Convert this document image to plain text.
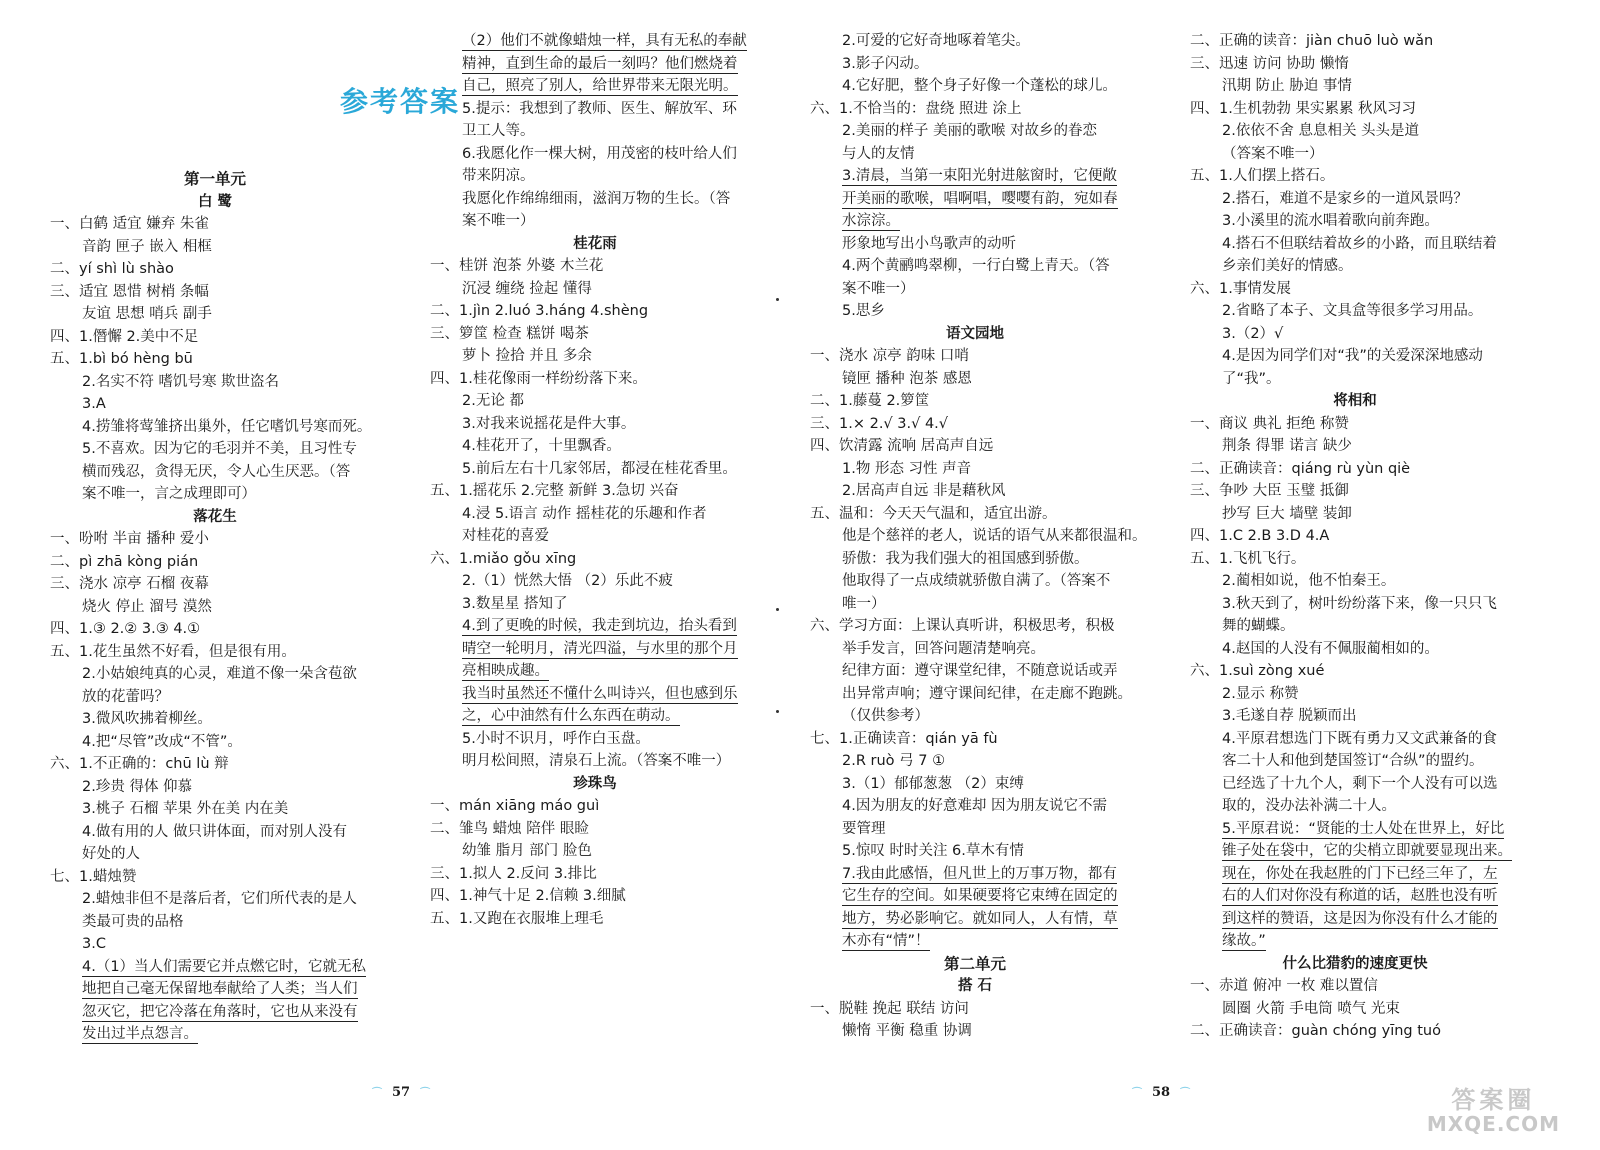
参考答案
第一单元
白 鹭
一、白鹤 适宜 嫌弃 朱雀
音韵 匣子 嵌入 相框
二、yí shì lù shào
三、适宜 恩惜 树梢 条幅
友谊 思想 哨兵 副手
四、1.僭懈 2.美中不足
五、1.bì bó hèng bū
2.名实不符 嗜饥号寒 欺世盗名
3.A
4.捞雏将莺雏挤出巢外，任它嗜饥号寒而死。
5.不喜欢。因为它的毛羽并不美，且习性专
横而残忍，贪得无厌，令人心生厌恶。（答
案不唯一，言之成理即可）
落花生
一、吩咐 半亩 播种 爱小
二、pì zhā kòng pián
三、浇水 凉亭 石榴 夜幕
烧火 停止 溜号 漠然
四、1.③ 2.② 3.③ 4.①
五、1.花生虽然不好看，但是很有用。
2.小姑娘纯真的心灵，难道不像一朵含苞欲
放的花蕾吗？
3.微风吹拂着柳丝。
4.把“尽管”改成“不管”。
六、1.不正确的：chū lù 辩
2.珍贵 得体 仰慕
3.桃子 石榴 苹果 外在美 内在美
4.做有用的人 做只讲体面，而对别人没有
好处的人
七、1.蜡烛赞
2.蜡烛非但不是落后者，它们所代表的是人
类最可贵的品格
3.C
4.（1）当人们需要它并点燃它时，它就无私
地把自己毫无保留地奉献给了人类；当人们
忽灭它，把它冷落在角落时，它也从来没有
发出过半点怨言。
（2）他们不就像蜡烛一样，具有无私的奉献
精神，直到生命的最后一刻吗？他们燃烧着
自己，照亮了别人，给世界带来无限光明。
5.提示：我想到了教师、医生、解放军、环
卫工人等。
6.我愿化作一棵大树，用茂密的枝叶给人们
带来阴凉。
我愿化作绵绵细雨，滋润万物的生长。（答
案不唯一）
桂花雨
一、桂饼 泡茶 外婆 木兰花
沉浸 缠绕 捡起 懂得
二、1.jìn 2.luó 3.háng 4.shèng
三、箩筐 检查 糕饼 喝茶
萝卜 捡拾 并且 多余
四、1.桂花像雨一样纷纷落下来。
2.无论 都
3.对我来说摇花是件大事。
4.桂花开了，十里飘香。
5.前后左右十几家邻居，都浸在桂花香里。
五、1.摇花乐 2.完整 新鲜 3.急切 兴奋
4.浸 5.语言 动作 摇桂花的乐趣和作者
对桂花的喜爱
六、1.miǎo gǒu xīng
2.（1）恍然大悟 （2）乐此不疲
3.数星星 搭知了
4.到了更晚的时候，我走到坑边，抬头看到
晴空一轮明月，清光四溢，与水里的那个月
亮相映成趣。
我当时虽然还不懂什么叫诗兴，但也感到乐
之，心中油然有什么东西在萌动。
5.小时不识月，呼作白玉盘。
明月松间照，清泉石上流。（答案不唯一）
珍珠鸟
一、mán xiāng máo guì
二、雏鸟 蜡烛 陪伴 眼睑
幼雏 脂月 部门 脸色
三、1.拟人 2.反问 3.排比
四、1.神气十足 2.信赖 3.细腻
五、1.又跑在衣服堆上理毛
2.可爱的它好奇地啄着笔尖。
3.影子闪动。
4.它好肥，整个身子好像一个蓬松的球儿。
六、1.不恰当的：盘绕 照进 涂上
2.美丽的样子 美丽的歌喉 对故乡的眷恋
与人的友情
3.清晨，当第一束阳光射进舷窗时，它便敞
开美丽的歌喉，唱啊唱，嘤嘤有韵，宛如春
水淙淙。
形象地写出小鸟歌声的动听
4.两个黄鹂鸣翠柳，一行白鹭上青天。（答
案不唯一）
5.思乡
语文园地
一、浇水 凉亭 韵味 口哨
镜匣 播种 泡茶 感恩
二、1.藤蔓 2.箩筐
三、1.× 2.√ 3.√ 4.√
四、饮清露 流响 居高声自远
1.物 形态 习性 声音
2.居高声自远 非是藉秋风
五、温和：今天天气温和，适宜出游。
他是个慈祥的老人，说话的语气从来都很温和。
骄傲：我为我们强大的祖国感到骄傲。
他取得了一点成绩就骄傲自满了。（答案不
唯一）
六、学习方面：上课认真听讲，积极思考，积极
举手发言，回答问题清楚响亮。
纪律方面：遵守课堂纪律，不随意说话或弄
出异常声响；遵守课间纪律，在走廊不跑跳。
（仅供参考）
七、1.正确读音：qián yā fù
2.R ruò 弓 7 ①
3.（1）郁郁葱葱 （2）束缚
4.因为朋友的好意难却 因为朋友说它不需
要管理
5.惊叹 时时关注 6.草木有情
7.我由此感悟，但凡世上的万事万物，都有
它生存的空间。如果硬要将它束缚在固定的
地方，势必影响它。就如同人，人有情，草
木亦有“情”！
第二单元
搭 石
一、脱鞋 挽起 联结 访问
懒惰 平衡 稳重 协调
二、正确的读音：jiàn chuō luò wǎn
三、迅速 访问 协助 懒惰
汛期 防止 胁迫 事情
四、1.生机勃勃 果实累累 秋风习习
2.依依不舍 息息相关 头头是道
（答案不唯一）
五、1.人们摆上搭石。
2.搭石，难道不是家乡的一道风景吗？
3.小溪里的流水唱着歌向前奔跑。
4.搭石不但联结着故乡的小路，而且联结着
乡亲们美好的情感。
六、1.事情发展
2.省略了本子、文具盒等很多学习用品。
3.（2）√
4.是因为同学们对“我”的关爱深深地感动
了“我”。
将相和
一、商议 典礼 拒绝 称赞
荆条 得罪 诺言 缺少
二、正确读音：qiáng rù yùn qiè
三、争吵 大臣 玉璧 抵御
抄写 巨大 墙壁 装卸
四、1.C 2.B 3.D 4.A
五、1.飞机飞行。
2.蔺相如说，他不怕秦王。
3.秋天到了，树叶纷纷落下来，像一只只飞
舞的蝴蝶。
4.赵国的人没有不佩服蔺相如的。
六、1.suì zòng xué
2.显示 称赞
3.毛遂自荐 脱颖而出
4.平原君想选门下既有勇力又文武兼备的食
客二十人和他到楚国签订“合纵”的盟约。
已经选了十九个人，剩下一个人没有可以选
取的，没办法补满二十人。
5.平原君说：“贤能的士人处在世界上，好比
锥子处在袋中，它的尖梢立即就要显现出来。
现在，你处在我赵胜的门下已经三年了，左
右的人们对你没有称道的话，赵胜也没有听
到这样的赞语，这是因为你没有什么才能的
缘故。”
什么比猎豹的速度更快
一、赤道 俯冲 一枚 难以置信
圆圈 火箭 手电筒 喷气 光束
二、正确读音：guàn chóng yīng tuó
⌒ 57 ⌒	⌒ 58 ⌒	答案圈
MXQE.COM
